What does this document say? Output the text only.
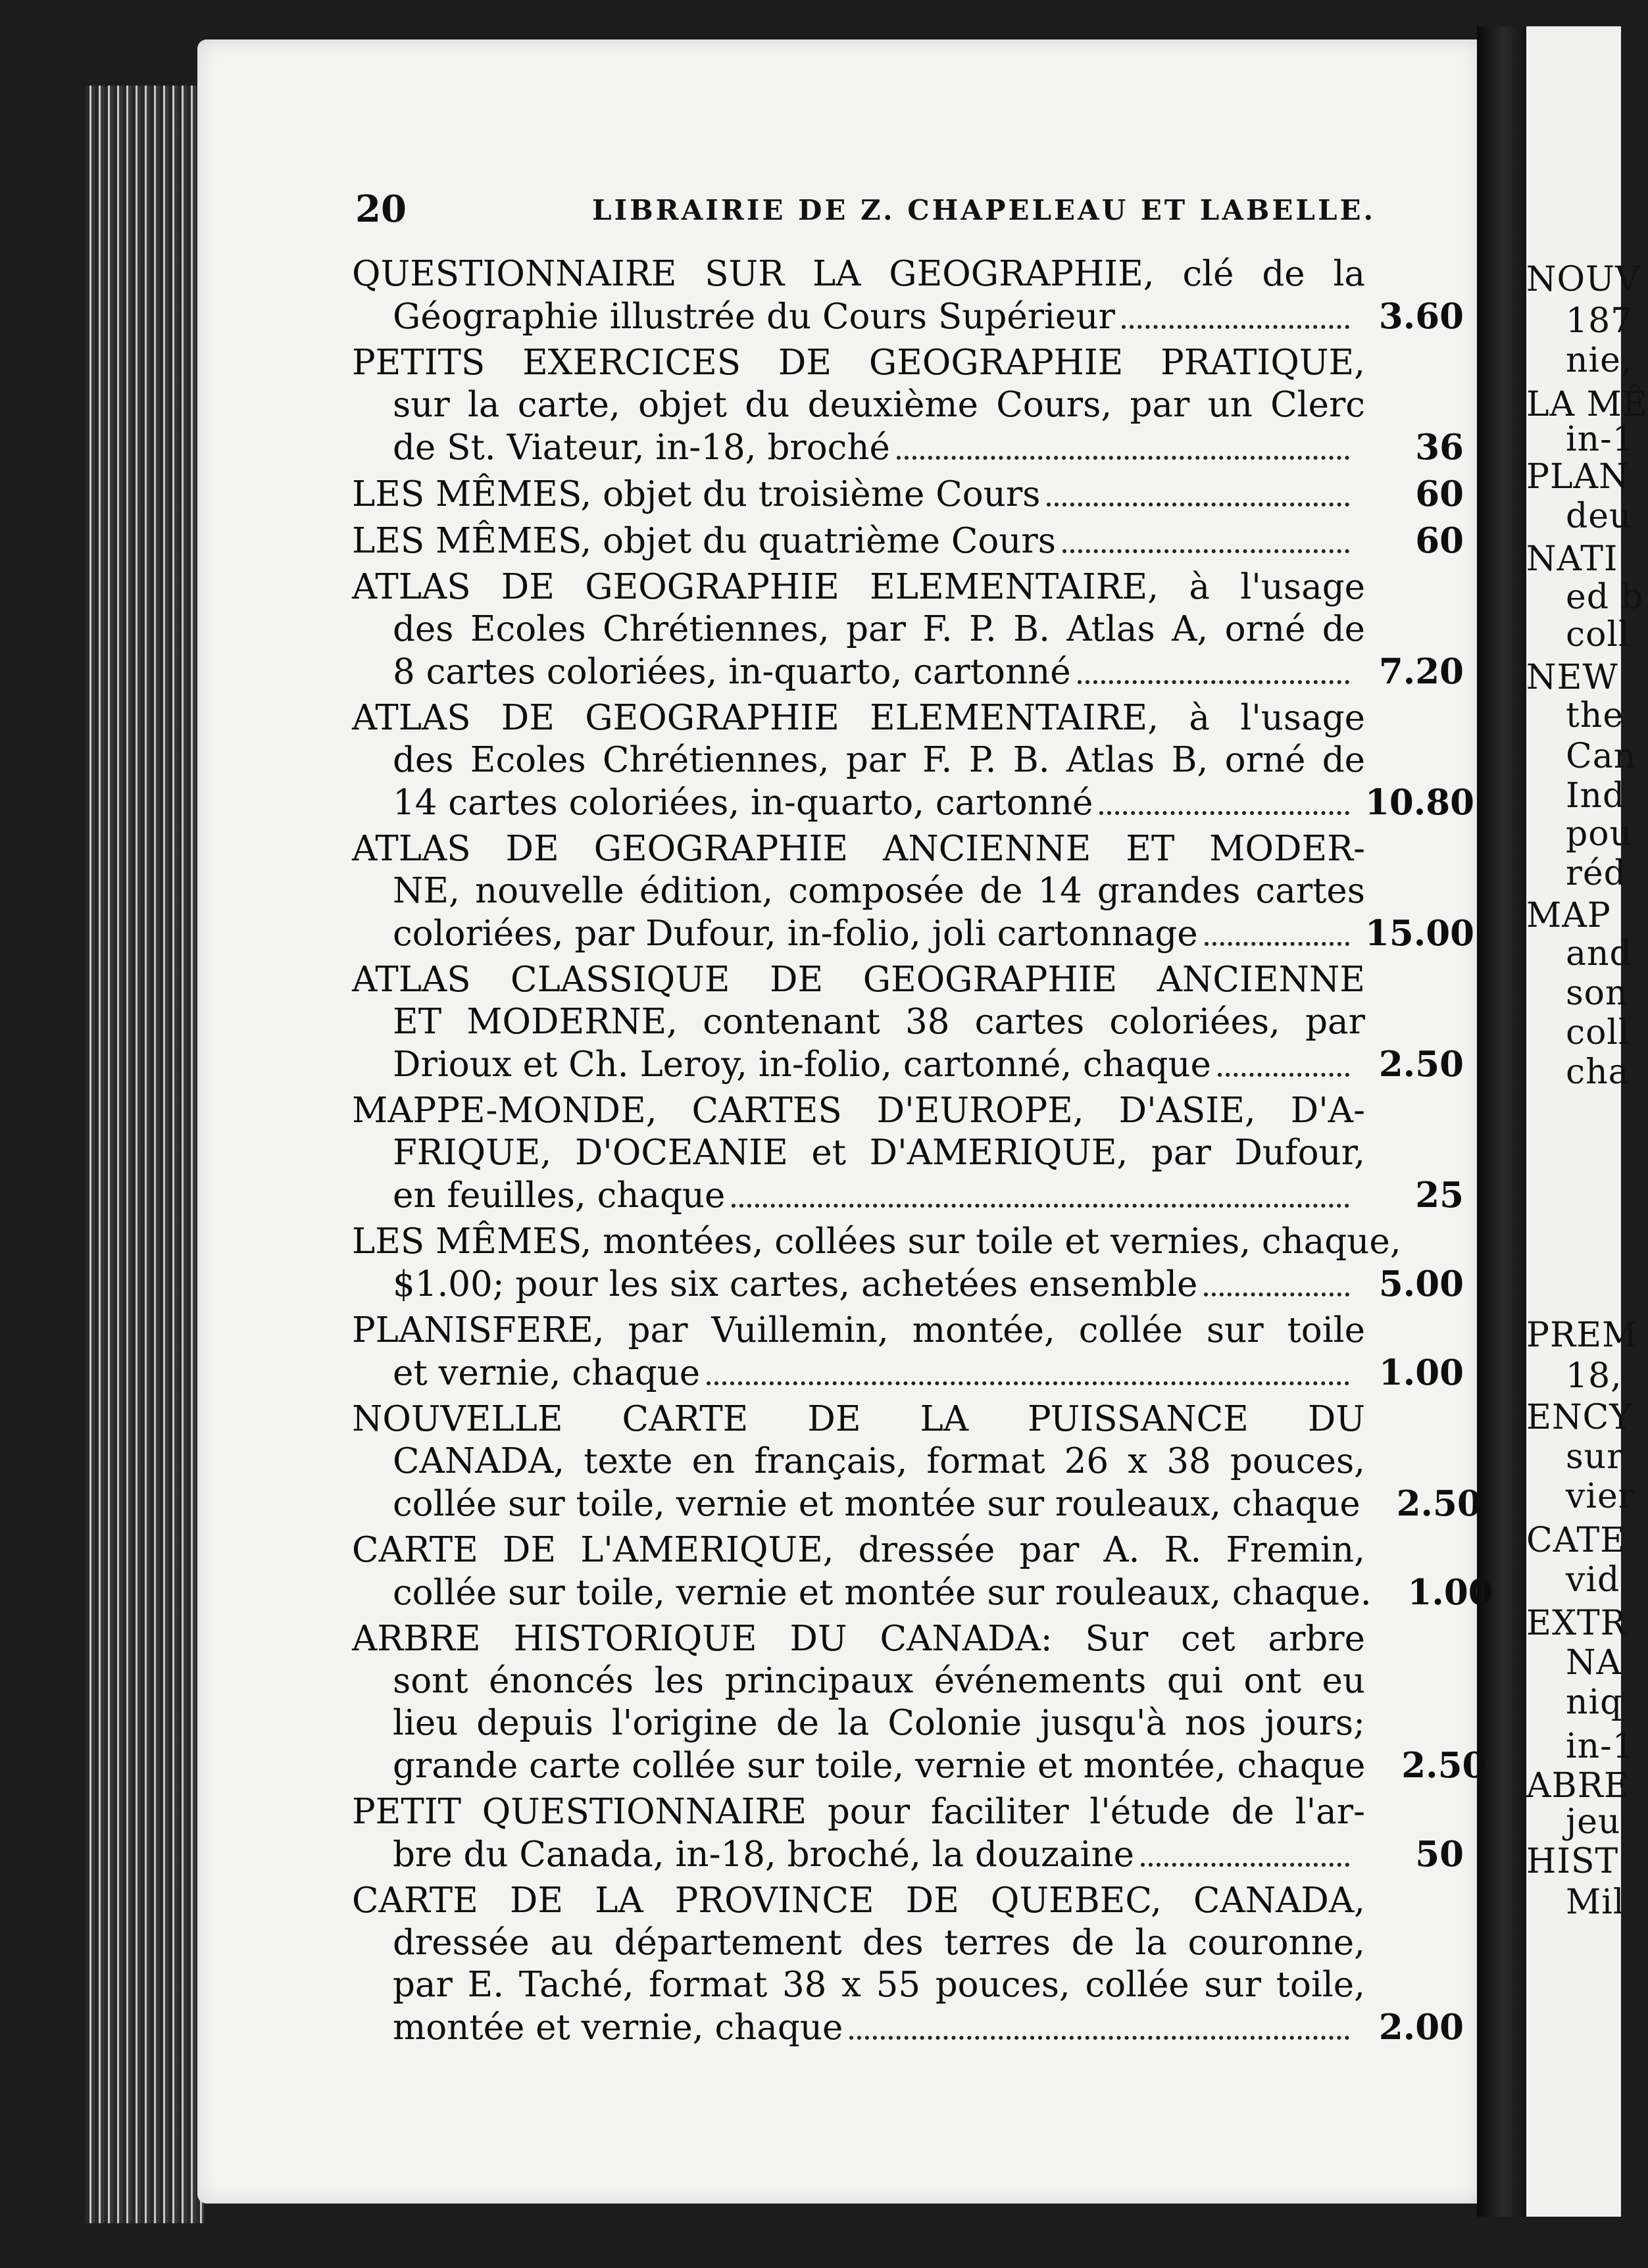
NOUV
187
nie,
LA MÊ
in-1
PLAN
deu
NATI
ed b
coll
NEW
the
Can
Ind
pou
réd
MAP
and
son
coll
cha
PREM
18,
ENCY
sur
vier
CATE
vid
EXTR
NA
niq
in-1
ABRE
jeu
HIST
Mil
20	LIBRAIRIE DE Z. CHAPELEAU ET LABELLE.
QUESTIONNAIRE SUR LA GEOGRAPHIE, clé de la
Géographie illustrée du Cours Supérieur	3.60
PETITS EXERCICES DE GEOGRAPHIE PRATIQUE,
sur la carte, objet du deuxième Cours, par un Clerc
de St. Viateur, in-18, broché	36
LES MÊMES, objet du troisième Cours	60
LES MÊMES, objet du quatrième Cours	60
ATLAS DE GEOGRAPHIE ELEMENTAIRE, à l'usage
des Ecoles Chrétiennes, par F. P. B. Atlas A, orné de
8 cartes coloriées, in-quarto, cartonné	7.20
ATLAS DE GEOGRAPHIE ELEMENTAIRE, à l'usage
des Ecoles Chrétiennes, par F. P. B. Atlas B, orné de
14 cartes coloriées, in-quarto, cartonné	10.80
ATLAS DE GEOGRAPHIE ANCIENNE ET MODER-
NE, nouvelle édition, composée de 14 grandes cartes
coloriées, par Dufour, in-folio, joli cartonnage	15.00
ATLAS CLASSIQUE DE GEOGRAPHIE ANCIENNE
ET MODERNE, contenant 38 cartes coloriées, par
Drioux et Ch. Leroy, in-folio, cartonné, chaque	2.50
MAPPE-MONDE, CARTES D'EUROPE, D'ASIE, D'A-
FRIQUE, D'OCEANIE et D'AMERIQUE, par Dufour,
en feuilles, chaque	25
LES MÊMES, montées, collées sur toile et vernies, chaque,
$1.00; pour les six cartes, achetées ensemble	5.00
PLANISFERE, par Vuillemin, montée, collée sur toile
et vernie, chaque	1.00
NOUVELLE CARTE DE LA PUISSANCE DU
CANADA, texte en français, format 26 x 38 pouces,
collée sur toile, vernie et montée sur rouleaux, chaque	2.50
CARTE DE L'AMERIQUE, dressée par A. R. Fremin,
collée sur toile, vernie et montée sur rouleaux, chaque.	1.00
ARBRE HISTORIQUE DU CANADA: Sur cet arbre
sont énoncés les principaux événements qui ont eu
lieu depuis l'origine de la Colonie jusqu'à nos jours;
grande carte collée sur toile, vernie et montée, chaque	2.50
PETIT QUESTIONNAIRE pour faciliter l'étude de l'ar-
bre du Canada, in-18, broché, la douzaine	50
CARTE DE LA PROVINCE DE QUEBEC, CANADA,
dressée au département des terres de la couronne,
par E. Taché, format 38 x 55 pouces, collée sur toile,
montée et vernie, chaque	2.00
